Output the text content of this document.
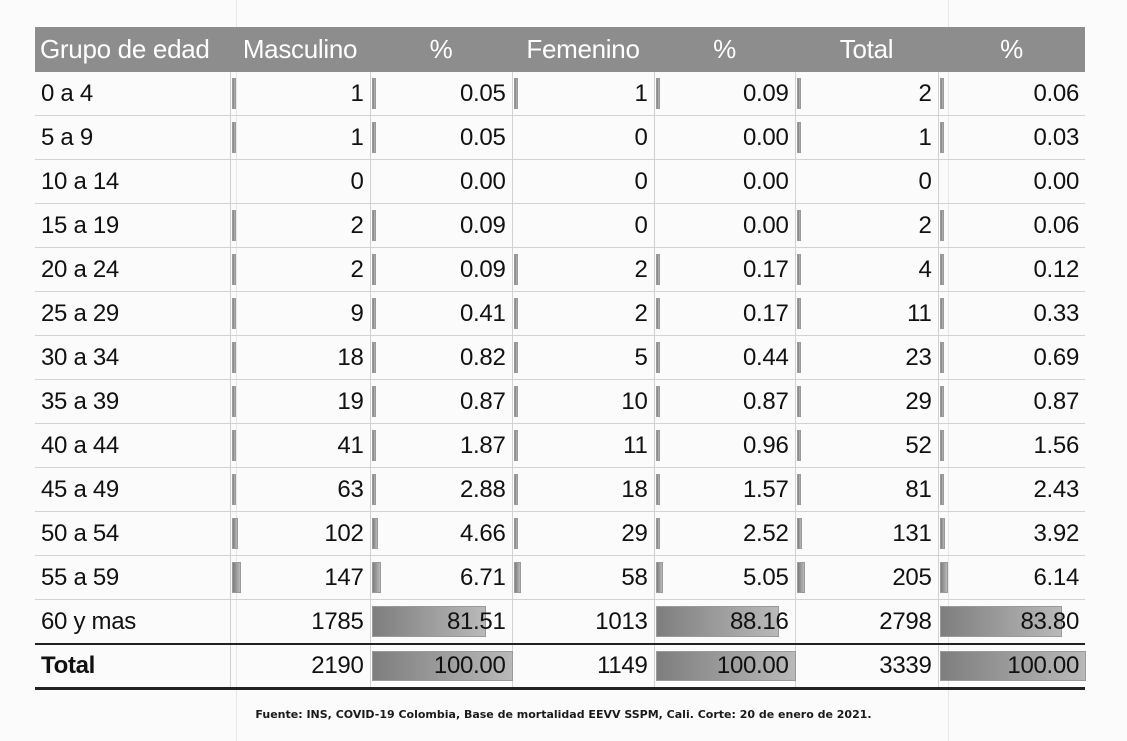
Grupo de edad	Masculino	%	Femenino	%	Total	%
0 a 4	1	0.05	1	0.09	2	0.06
5 a 9	1	0.05	0	0.00	1	0.03
10 a 14	0	0.00	0	0.00	0	0.00
15 a 19	2	0.09	0	0.00	2	0.06
20 a 24	2	0.09	2	0.17	4	0.12
25 a 29	9	0.41	2	0.17	11	0.33
30 a 34	18	0.82	5	0.44	23	0.69
35 a 39	19	0.87	10	0.87	29	0.87
40 a 44	41	1.87	11	0.96	52	1.56
45 a 49	63	2.88	18	1.57	81	2.43
50 a 54	102	4.66	29	2.52	131	3.92
55 a 59	147	6.71	58	5.05	205	6.14
60 y mas	1785	81.51	1013	88.16	2798	83.80
Total	2190	100.00	1149	100.00	3339	100.00
Fuente: INS, COVID-19 Colombia, Base de mortalidad EEVV SSPM, Cali. Corte: 20 de enero de 2021.
